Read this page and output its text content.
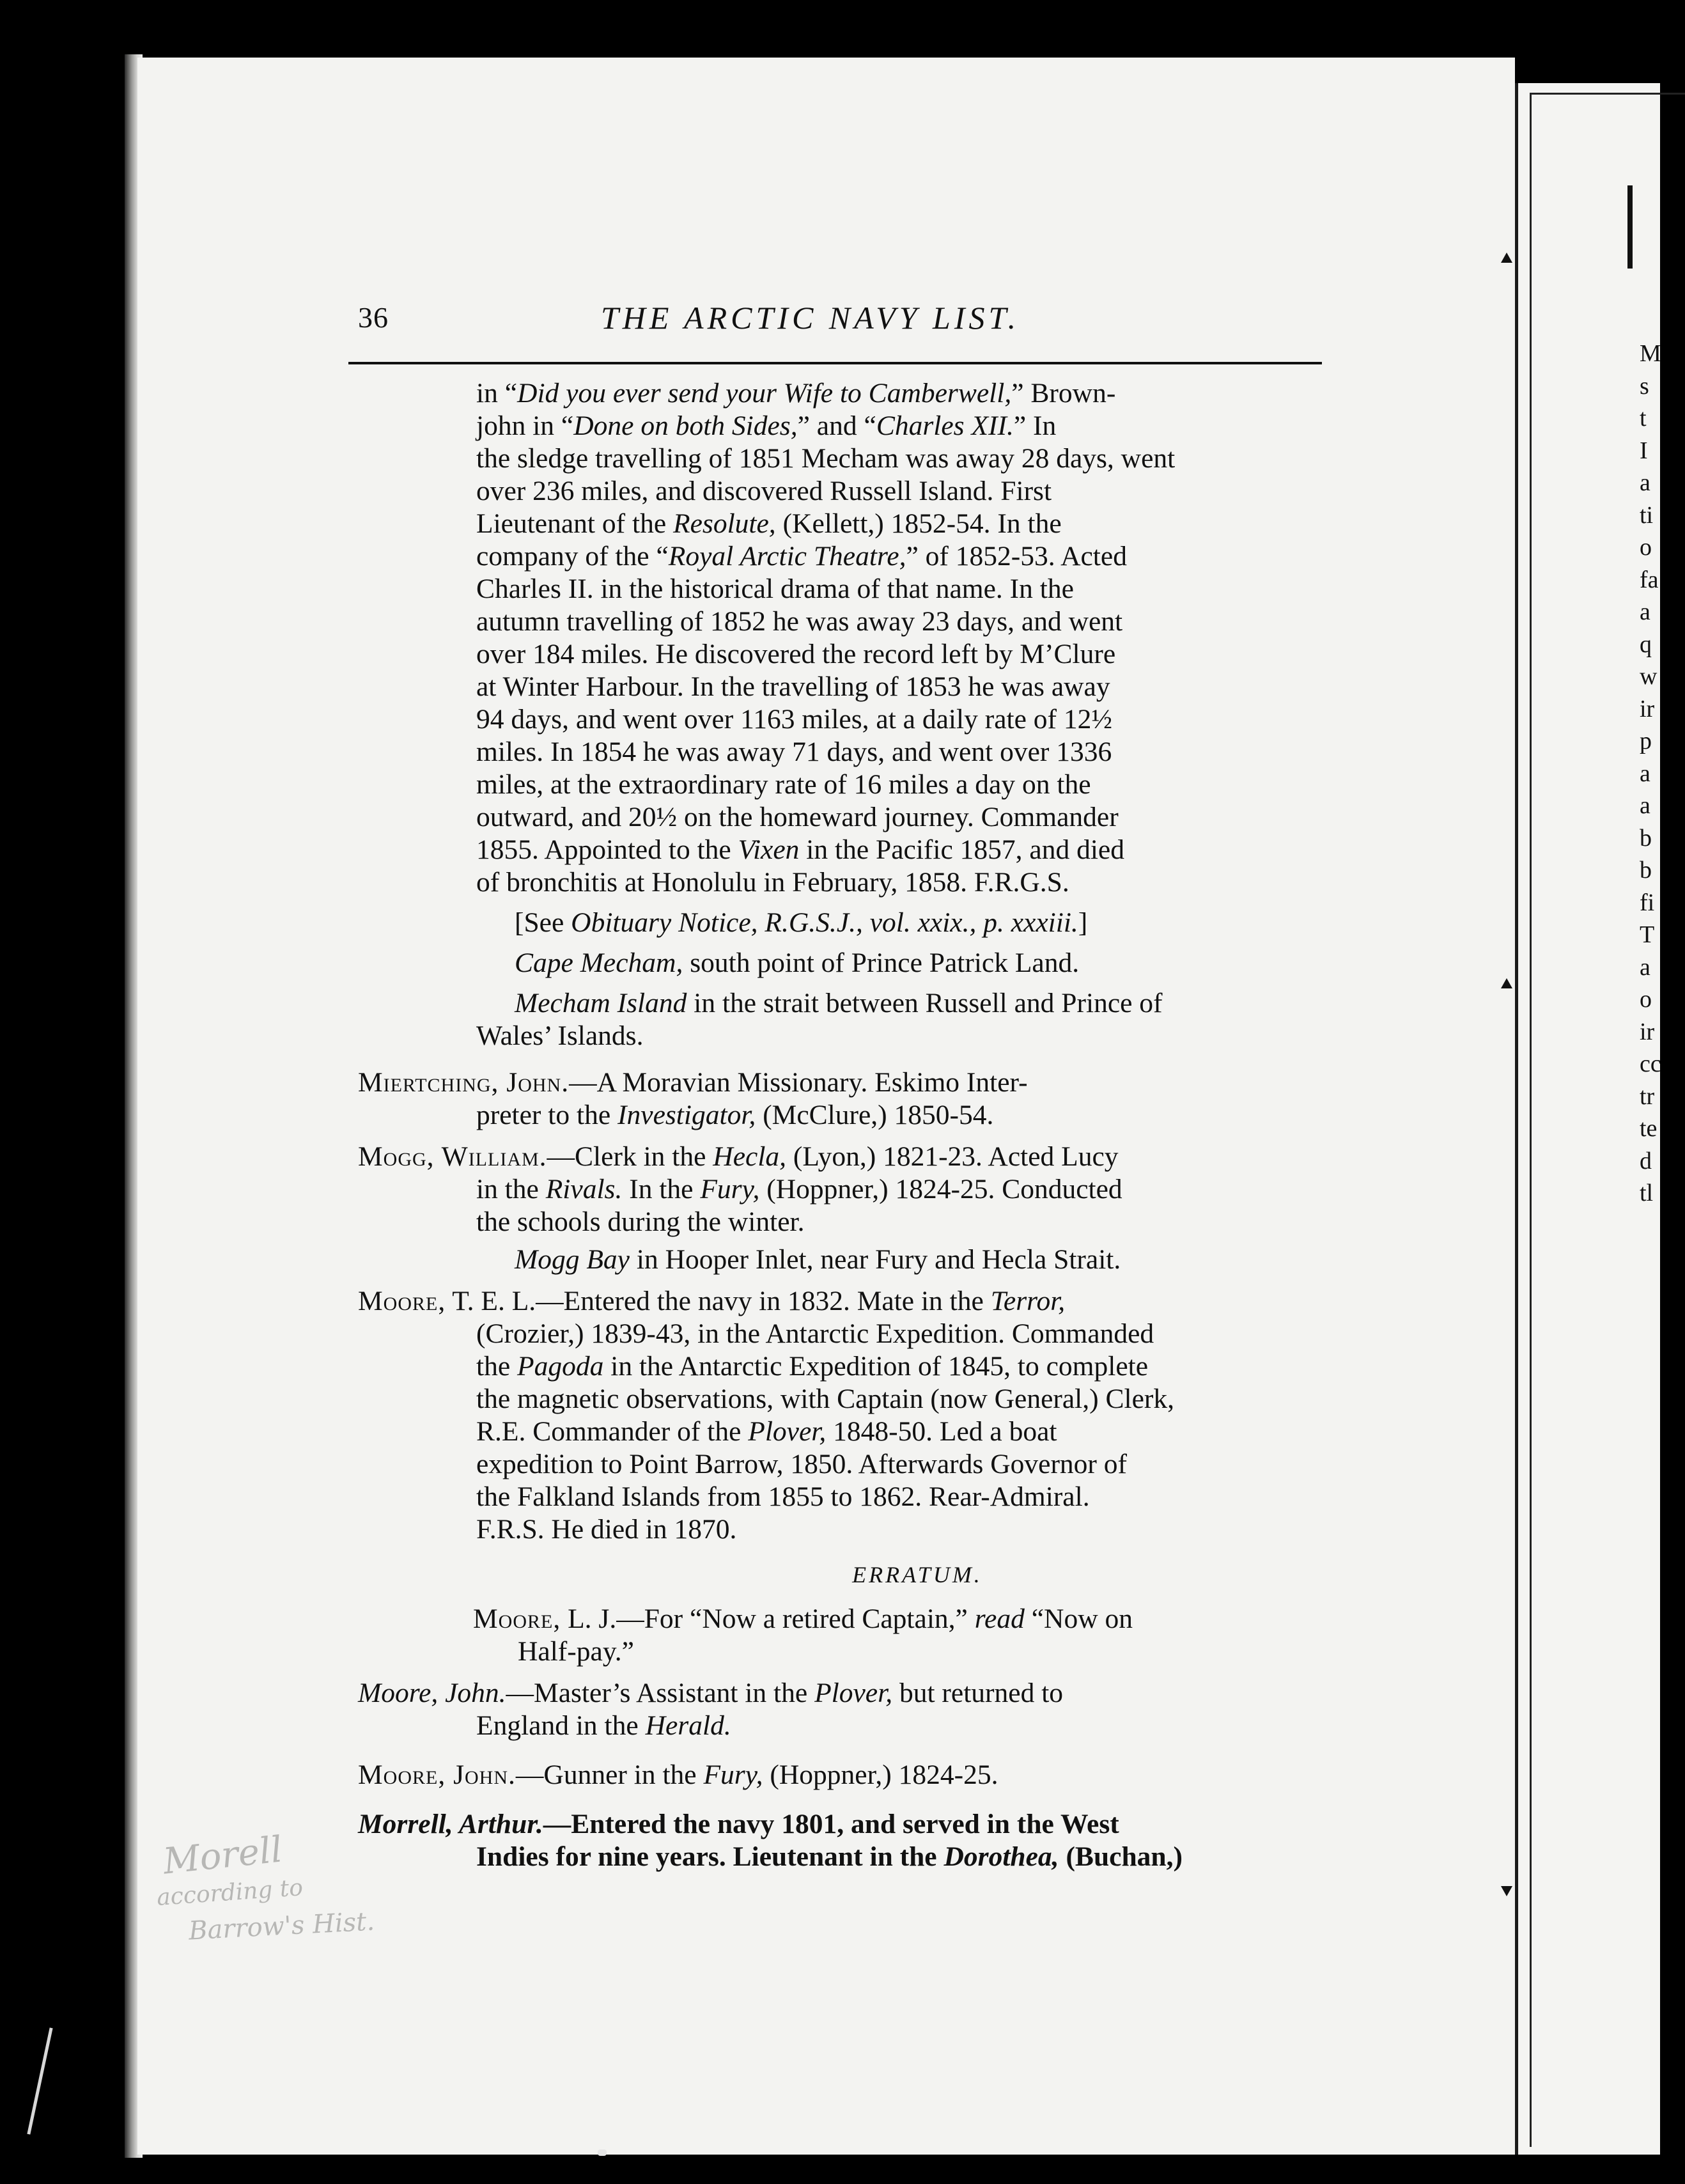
M
s
t
I
a
ti
o
fa
a
q
w
ir
p
a
a
b
b
fi
T
a
o
ir
cc
tr
te
d
tl
36	THE ARCTIC NAVY LIST.
in “Did you ever send your Wife to Camberwell,” Brown-
john in “Done on both Sides,” and “Charles XII.” In
the sledge travelling of 1851 Mecham was away 28 days, went
over 236 miles, and discovered Russell Island. First
Lieutenant of the Resolute, (Kellett,) 1852-54. In the
company of the “Royal Arctic Theatre,” of 1852-53. Acted
Charles II. in the historical drama of that name. In the
autumn travelling of 1852 he was away 23 days, and went
over 184 miles. He discovered the record left by M’Clure
at Winter Harbour. In the travelling of 1853 he was away
94 days, and went over 1163 miles, at a daily rate of 12½
miles. In 1854 he was away 71 days, and went over 1336
miles, at the extraordinary rate of 16 miles a day on the
outward, and 20½ on the homeward journey. Commander
1855. Appointed to the Vixen in the Pacific 1857, and died
of bronchitis at Honolulu in February, 1858. F.R.G.S.
[See Obituary Notice, R.G.S.J., vol. xxix., p. xxxiii.]
Cape Mecham, south point of Prince Patrick Land.
Mecham Island in the strait between Russell and Prince of
Wales’ Islands.
Miertching, John.—A Moravian Missionary. Eskimo Inter-
preter to the Investigator, (McClure,) 1850-54.
Mogg, William.—Clerk in the Hecla, (Lyon,) 1821-23. Acted Lucy
in the Rivals. In the Fury, (Hoppner,) 1824-25. Conducted
the schools during the winter.
Mogg Bay in Hooper Inlet, near Fury and Hecla Strait.
Moore, T. E. L.—Entered the navy in 1832. Mate in the Terror,
(Crozier,) 1839-43, in the Antarctic Expedition. Commanded
the Pagoda in the Antarctic Expedition of 1845, to complete
the magnetic observations, with Captain (now General,) Clerk,
R.E. Commander of the Plover, 1848-50. Led a boat
expedition to Point Barrow, 1850. Afterwards Governor of
the Falkland Islands from 1855 to 1862. Rear-Admiral.
F.R.S. He died in 1870.
ERRATUM.
Moore, L. J.—For “Now a retired Captain,” read “Now on
Half-pay.”
Moore, John.—Master’s Assistant in the Plover, but returned to
England in the Herald.
Moore, John.—Gunner in the Fury, (Hoppner,) 1824-25.
Morrell, Arthur.—Entered the navy 1801, and served in the West
Indies for nine years. Lieutenant in the Dorothea, (Buchan,)
Morell
according to
Barrow's Hist.
